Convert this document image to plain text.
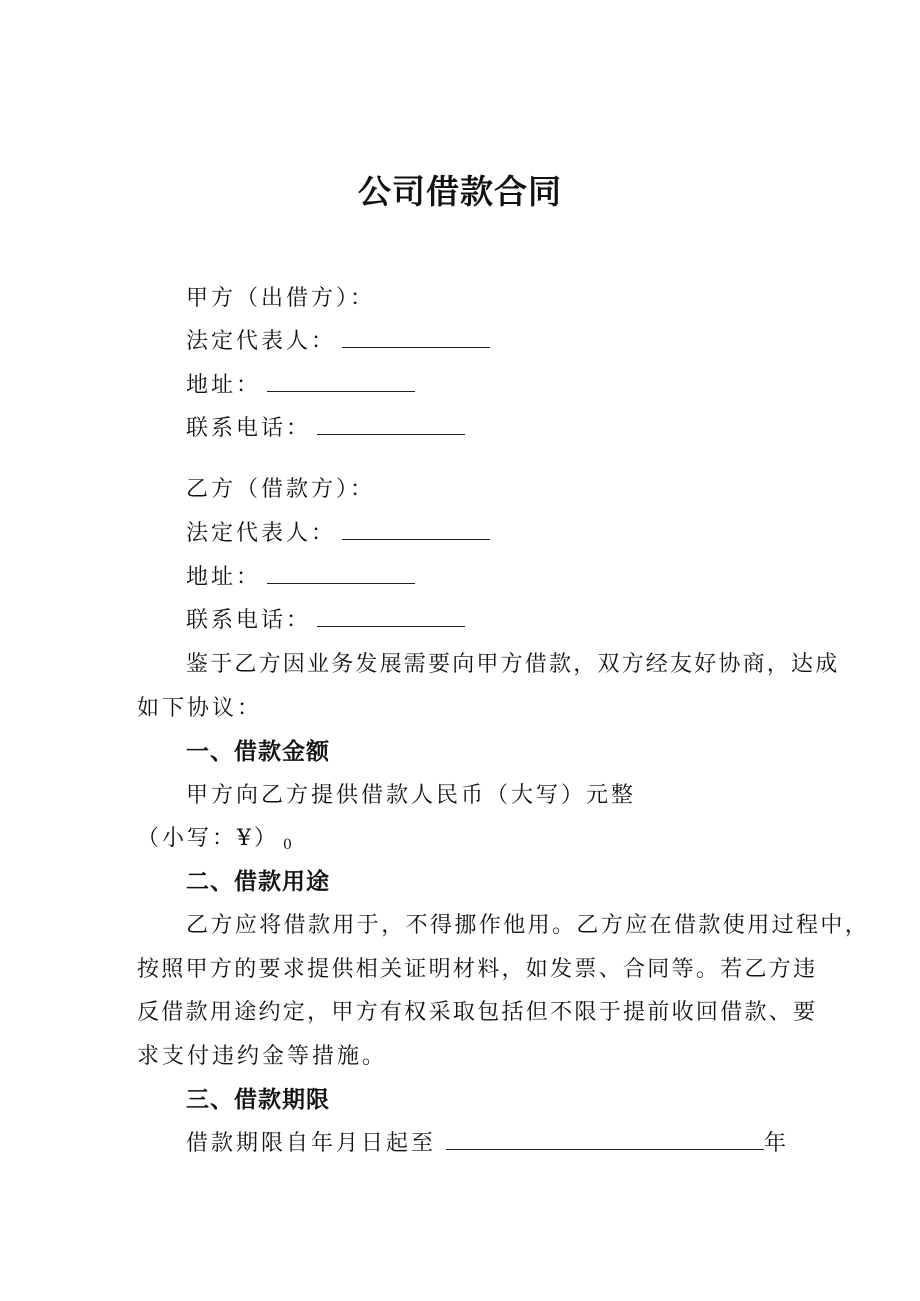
公司借款合同
甲方（出借方）：
法定代表人：
地址：
联系电话：
乙方（借款方）：
法定代表人：
地址：
联系电话：
鉴于乙方因业务发展需要向甲方借款，双方经友好协商，达成
如下协议：
一、借款金额
甲方向乙方提供借款人民币（大写）元整
（小写：¥） 0
二、借款用途
乙方应将借款用于，不得挪作他用。乙方应在借款使用过程中，
按照甲方的要求提供相关证明材料，如发票、合同等。若乙方违
反借款用途约定，甲方有权采取包括但不限于提前收回借款、要
求支付违约金等措施。
三、借款期限
借款期限自年月日起至	年
